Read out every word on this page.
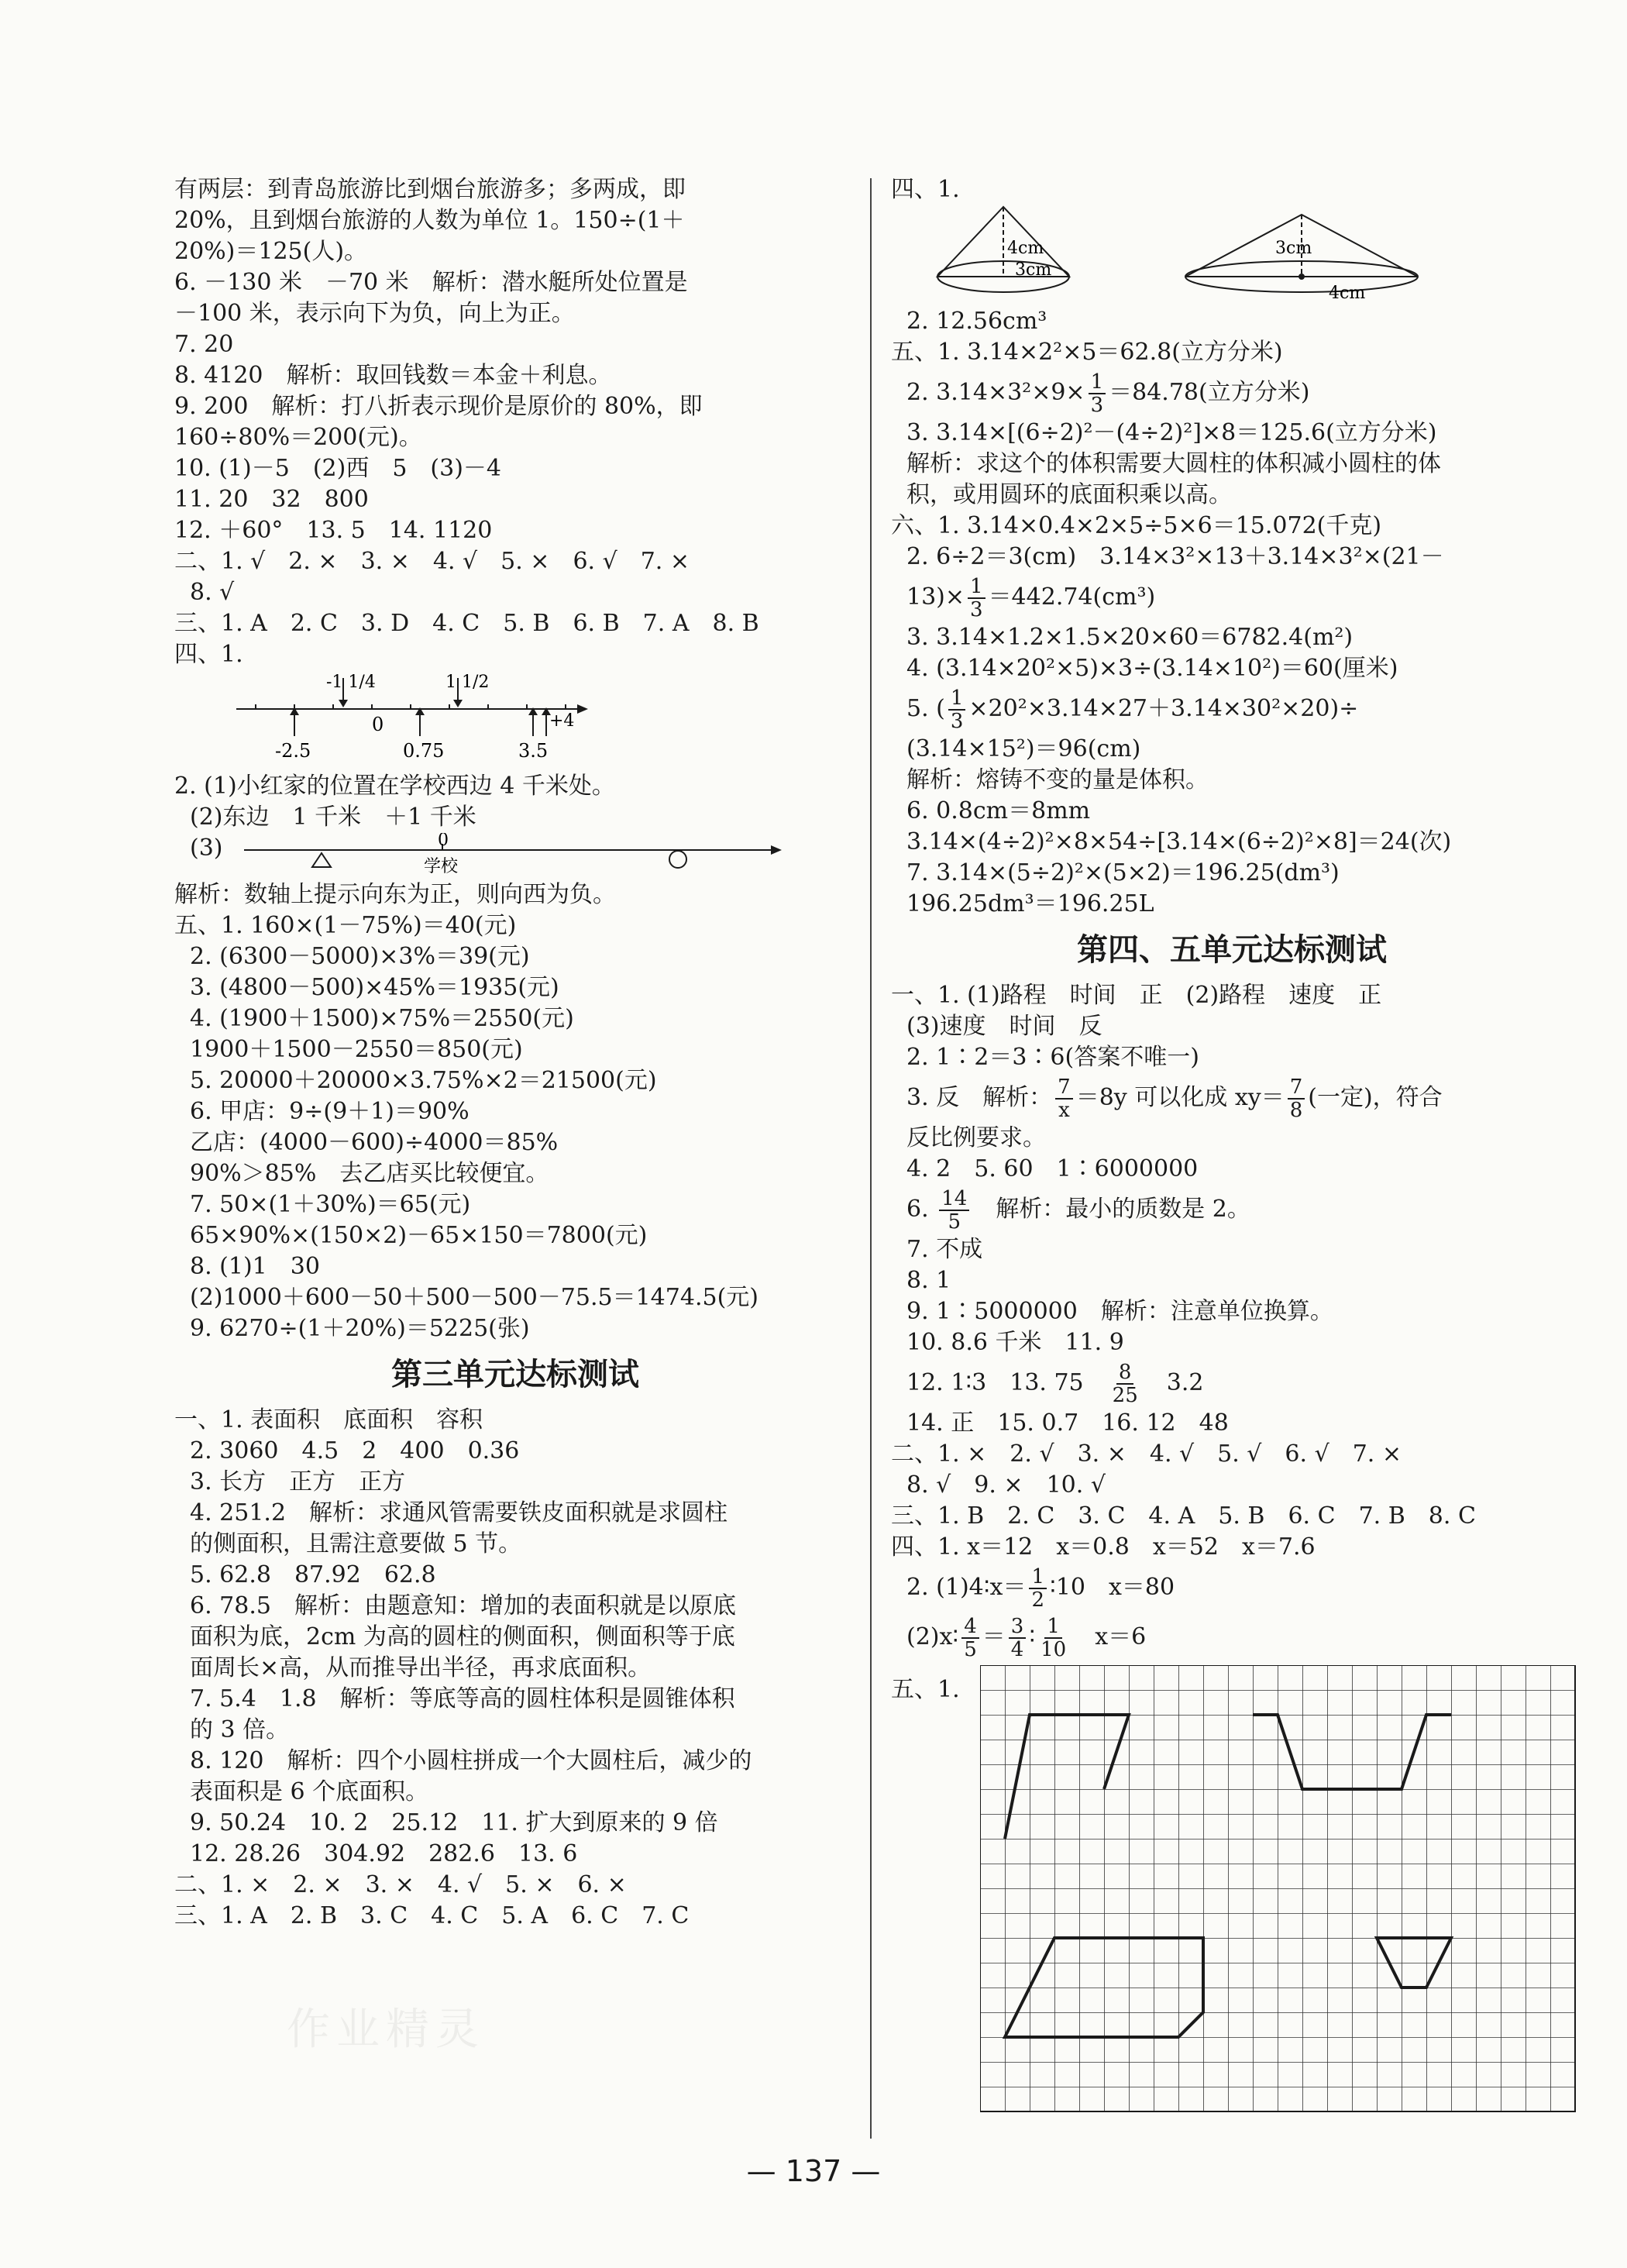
有两层：到青岛旅游比到烟台旅游多；多两成，即
20%，且到烟台旅游的人数为单位 1。150÷(1＋
20%)＝125(人)。
6. －130 米　－70 米　解析：潜水艇所处位置是
－100 米，表示向下为负，向上为正。
7. 20
8. 4120　解析：取回钱数＝本金＋利息。
9. 200　解析：打八折表示现价是原价的 80%，即
160÷80%＝200(元)。
10. (1)－5　(2)西　5　(3)－4
11. 20　32　800
12. ＋60°　13. 5　14. 1120
二、1. √　2. ×　3. ×　4. √　5. ×　6. √　7. ×
8. √
三、1. A　2. C　3. D　4. C　5. B　6. B　7. A　8. B
四、1.
-1 1/4	1 1/2
-2.5
0
0.75	3.5
+4
2. (1)小红家的位置在学校西边 4 千米处。
(2)东边　1 千米　＋1 千米
(3)	0
学校
解析：数轴上提示向东为正，则向西为负。
五、1. 160×(1－75%)＝40(元)
2. (6300－5000)×3%＝39(元)
3. (4800－500)×45%＝1935(元)
4. (1900＋1500)×75%＝2550(元)
1900＋1500－2550＝850(元)
5. 20000＋20000×3.75%×2＝21500(元)
6. 甲店：9÷(9＋1)＝90%
乙店：(4000－600)÷4000＝85%
90%＞85%　去乙店买比较便宜。
7. 50×(1＋30%)＝65(元)
65×90%×(150×2)－65×150＝7800(元)
8. (1)1　30
(2)1000＋600－50＋500－500－75.5＝1474.5(元)
9. 6270÷(1＋20%)＝5225(张)
第三单元达标测试
一、1. 表面积　底面积　容积
2. 3060　4.5　2　400　0.36
3. 长方　正方　正方
4. 251.2　解析：求通风管需要铁皮面积就是求圆柱
的侧面积，且需注意要做 5 节。
5. 62.8　87.92　62.8
6. 78.5　解析：由题意知：增加的表面积就是以原底
面积为底，2cm 为高的圆柱的侧面积，侧面积等于底
面周长×高，从而推导出半径，再求底面积。
7. 5.4　1.8　解析：等底等高的圆柱体积是圆锥体积
的 3 倍。
8. 120　解析：四个小圆柱拼成一个大圆柱后，减少的
表面积是 6 个底面积。
9. 50.24　10. 2　25.12　11. 扩大到原来的 9 倍
12. 28.26　304.92　282.6　13. 6
二、1. ×　2. ×　3. ×　4. √　5. ×　6. ×
三、1. A　2. B　3. C　4. C　5. A　6. C　7. C
四、1.
4cm
3cm
3cm
4cm
2. 12.56cm³
五、1. 3.14×2²×5＝62.8(立方分米)
2. $3.14\times 3^2\times 9\times \frac{1}{3} =84.78$(立方分米)
3. 3.14×[(6÷2)²－(4÷2)²]×8＝125.6(立方分米)
解析：求这个的体积需要大圆柱的体积减小圆柱的体
积，或用圆环的底面积乘以高。
六、1. 3.14×0.4×2×5÷5×6＝15.072(千克)
2. 6÷2＝3(cm)　3.14×3²×13＋3.14×3²×(21－
$13)\times \frac{1}{3} =442.74(cm^3)$
3. 3.14×1.2×1.5×20×60＝6782.4(m²)
4. (3.14×20²×5)×3÷(3.14×10²)＝60(厘米)
5. ( $\frac{1}{3} \times 20^2\times 3.14\times 27+3.14\times 30^2\times 20)\div$
(3.14×15²)＝96(cm)
解析：熔铸不变的量是体积。
6. 0.8cm＝8mm
3.14×(4÷2)²×8×54÷[3.14×(6÷2)²×8]＝24(次)
7. 3.14×(5÷2)²×(5×2)＝196.25(dm³)
196.25dm³＝196.25L
第四、五单元达标测试
一、1. (1)路程　时间　正　(2)路程　速度　正
(3)速度　时间　反
2. 1∶2＝3∶6(答案不唯一)
3. 反　解析： $\frac{7}{x} =8y$ 可以化成 $xy= \frac{7}{8}$ (一定)，符合
反比例要求。
4. 2　5. 60　1∶6000000
6. $\frac{14}{5}$ 　解析：最小的质数是 2。
7. 不成
8. 1
9. 1∶5000000　解析：注意单位换算。
10. 8.6 千米　11. 9
12. 1∶3　13. 75　 $\frac{8}{25}$ 　3.2
14. 正　15. 0.7　16. 12　48
二、1. ×　2. √　3. ×　4. √　5. √　6. √　7. ×
8. √　9. ×　10. √
三、1. B　2. C　3. C　4. A　5. B　6. C　7. B　8. C
四、1. x＝12　x＝0.8　x＝52　x＝7.6
2. (1)4∶x＝ $\frac{1}{2}$ ∶10　x＝80
(2)x∶ $\frac{4}{5} = \frac{3}{4}$ ∶ $\frac{1}{10}$ 　x＝6
五、1.
作业精灵
— 137 —
